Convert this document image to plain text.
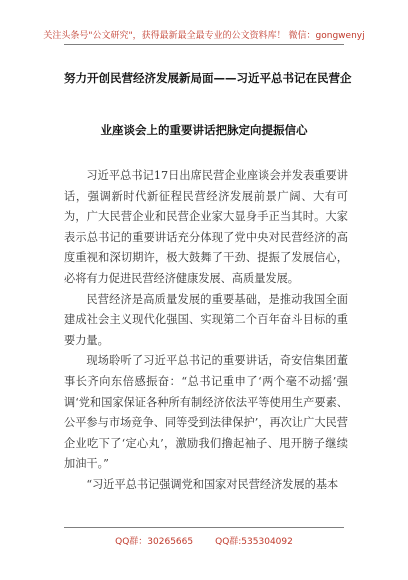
关注头条号"公文研究"，获得最新最全最专业的公文资料库！ 微信：gongwenyj
努力开创民营经济发展新局面——习近平总书记在民营企
业座谈会上的重要讲话把脉定向提振信心

习近平总书记17日出席民营企业座谈会并发表重要讲话，强调新时代新征程民营经济发展前景广阔、大有可为，广大民营企业和民营企业家大显身手正当其时。大家表示总书记的重要讲话充分体现了党中央对民营经济的高度重视和深切期许，极大鼓舞了干劲、提振了发展信心，必将有力促进民营经济健康发展、高质量发展。

民营经济是高质量发展的重要基础，是推动我国全面建成社会主义现代化强国、实现第二个百年奋斗目标的重要力量。

现场聆听了习近平总书记的重要讲话，奇安信集团董事长齐向东倍感振奋：“总书记重申了‘两个毫不动摇’强调‘党和国家保证各种所有制经济依法平等使用生产要素、公平参与市场竞争、同等受到法律保护’，再次让广大民营企业吃下了‘定心丸’，激励我们撸起袖子、甩开膀子继续加油干。”

“习近平总书记强调党和国家对民营经济发展的基本

QQ群：30265665 QQ群:535304092
